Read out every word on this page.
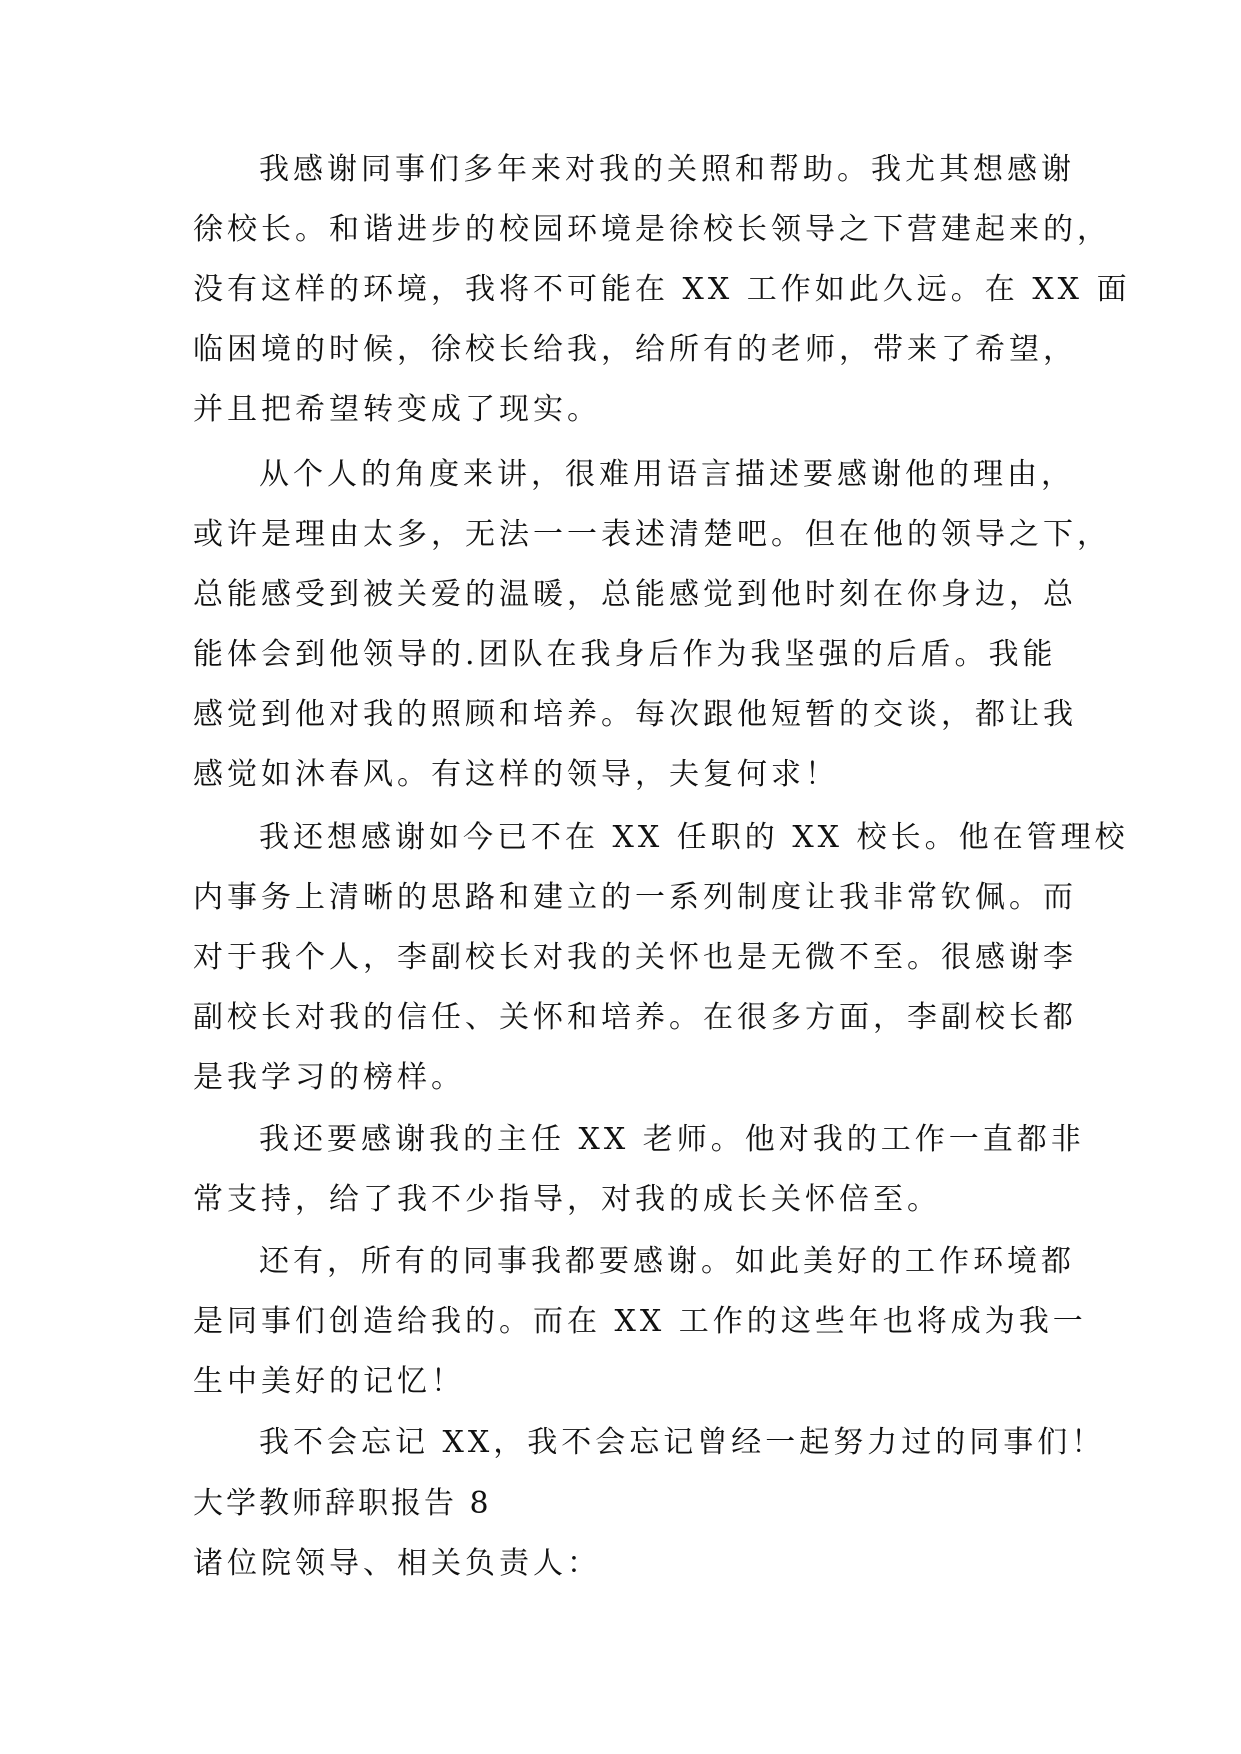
我感谢同事们多年来对我的关照和帮助。我尤其想感谢
徐校长。和谐进步的校园环境是徐校长领导之下营建起来的，
没有这样的环境，我将不可能在 XX 工作如此久远。在 XX 面
临困境的时候，徐校长给我，给所有的老师，带来了希望，
并且把希望转变成了现实。
从个人的角度来讲，很难用语言描述要感谢他的理由，
或许是理由太多，无法一一表述清楚吧。但在他的领导之下，
总能感受到被关爱的温暖，总能感觉到他时刻在你身边，总
能体会到他领导的.团队在我身后作为我坚强的后盾。我能
感觉到他对我的照顾和培养。每次跟他短暂的交谈，都让我
感觉如沐春风。有这样的领导，夫复何求！
我还想感谢如今已不在 XX 任职的 XX 校长。他在管理校
内事务上清晰的思路和建立的一系列制度让我非常钦佩。而
对于我个人，李副校长对我的关怀也是无微不至。很感谢李
副校长对我的信任、关怀和培养。在很多方面，李副校长都
是我学习的榜样。
我还要感谢我的主任 XX 老师。他对我的工作一直都非
常支持，给了我不少指导，对我的成长关怀倍至。
还有，所有的同事我都要感谢。如此美好的工作环境都
是同事们创造给我的。而在 XX 工作的这些年也将成为我一
生中美好的记忆！
我不会忘记 XX，我不会忘记曾经一起努力过的同事们！
大学教师辞职报告 8
诸位院领导、相关负责人：
